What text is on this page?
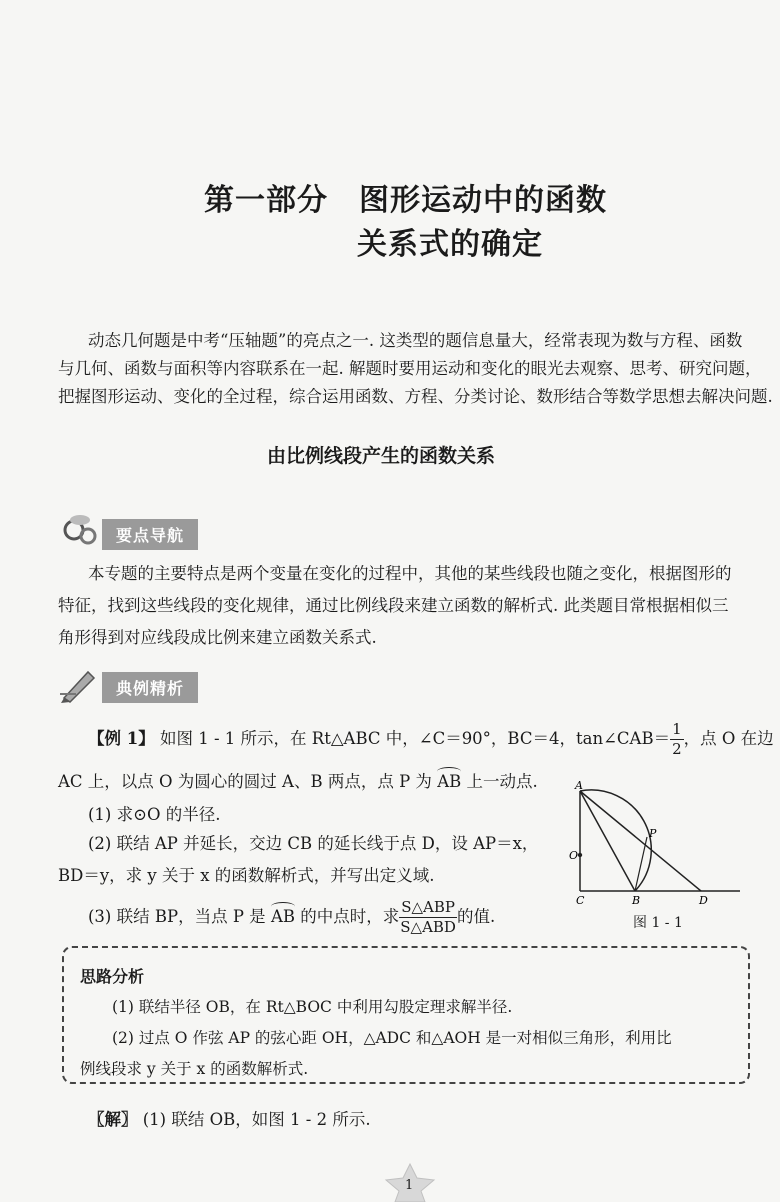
第一部分　图形运动中的函数
关系式的确定
动态几何题是中考“压轴题”的亮点之一. 这类型的题信息量大，经常表现为数与方程、函数
与几何、函数与面积等内容联系在一起. 解题时要用运动和变化的眼光去观察、思考、研究问题，
把握图形运动、变化的全过程，综合运用函数、方程、分类讨论、数形结合等数学思想去解决问题.
由比例线段产生的函数关系
要点导航
本专题的主要特点是两个变量在变化的过程中，其他的某些线段也随之变化，根据图形的
特征，找到这些线段的变化规律，通过比例线段来建立函数的解析式. 此类题目常根据相似三
角形得到对应线段成比例来建立函数关系式.
典例精析
【例 1】 如图 1 - 1 所示，在 Rt△ABC 中，∠C＝90°，BC＝4，tan∠CAB＝ $\frac{1}{2}$ ，点 O 在边
AC 上，以点 O 为圆心的圆过 A、B 两点，点 P 为 AB 上一动点.
(1) 求⊙O 的半径.
(2) 联结 AP 并延长，交边 CB 的延长线于点 D，设 AP＝x，
BD＝y，求 y 关于 x 的函数解析式，并写出定义域.
(3) 联结 BP，当点 P 是 AB 的中点时，求 $\frac{\text{S△ABP}}{\text{S△ABD}}$ 的值.
A
P
O
C	B	D
图 1 - 1
思路分析
(1) 联结半径 OB，在 Rt△BOC 中利用勾股定理求解半径.
(2) 过点 O 作弦 AP 的弦心距 OH，△ADC 和△AOH 是一对相似三角形，利用比
例线段求 y 关于 x 的函数解析式.
〖解〗 (1) 联结 OB，如图 1 - 2 所示.
1
